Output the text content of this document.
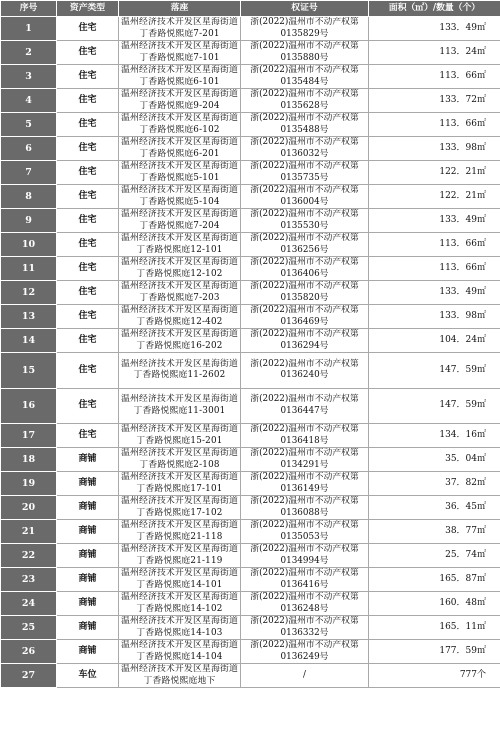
序号	资产类型	落座	权证号	面积（㎡）/数量（个）
1	住宅	温州经济技术开发区星海街道丁香路悦熙庭7-201	浙(2022)温州市不动产权第0135829号	133．49㎡
2	住宅	温州经济技术开发区星海街道丁香路悦熙庭7-101	浙(2022)温州市不动产权第0135880号	113．24㎡
3	住宅	温州经济技术开发区星海街道丁香路悦熙庭6-101	浙(2022)温州市不动产权第0135484号	113．66㎡
4	住宅	温州经济技术开发区星海街道丁香路悦熙庭9-204	浙(2022)温州市不动产权第0135628号	133．72㎡
5	住宅	温州经济技术开发区星海街道丁香路悦熙庭6-102	浙(2022)温州市不动产权第0135488号	113．66㎡
6	住宅	温州经济技术开发区星海街道丁香路悦熙庭6-201	浙(2022)温州市不动产权第0136032号	133．98㎡
7	住宅	温州经济技术开发区星海街道丁香路悦熙庭5-101	浙(2022)温州市不动产权第0135735号	122．21㎡
8	住宅	温州经济技术开发区星海街道丁香路悦熙庭5-104	浙(2022)温州市不动产权第0136004号	122．21㎡
9	住宅	温州经济技术开发区星海街道丁香路悦熙庭7-204	浙(2022)温州市不动产权第0135530号	133．49㎡
10	住宅	温州经济技术开发区星海街道丁香路悦熙庭12-101	浙(2022)温州市不动产权第0136256号	113．66㎡
11	住宅	温州经济技术开发区星海街道丁香路悦熙庭12-102	浙(2022)温州市不动产权第0136406号	113．66㎡
12	住宅	温州经济技术开发区星海街道丁香路悦熙庭7-203	浙(2022)温州市不动产权第0135820号	133．49㎡
13	住宅	温州经济技术开发区星海街道丁香路悦熙庭12-402	浙(2022)温州市不动产权第0136469号	133．98㎡
14	住宅	温州经济技术开发区星海街道丁香路悦熙庭16-202	浙(2022)温州市不动产权第0136294号	104．24㎡
15	住宅	温州经济技术开发区星海街道丁香路悦熙庭11-2602	浙(2022)温州市不动产权第0136240号	147．59㎡
16	住宅	温州经济技术开发区星海街道丁香路悦熙庭11-3001	浙(2022)温州市不动产权第0136447号	147．59㎡
17	住宅	温州经济技术开发区星海街道丁香路悦熙庭15-201	浙(2022)温州市不动产权第0136418号	134．16㎡
18	商铺	温州经济技术开发区星海街道丁香路悦熙庭2-108	浙(2022)温州市不动产权第0134291号	35．04㎡
19	商铺	温州经济技术开发区星海街道丁香路悦熙庭17-101	浙(2022)温州市不动产权第0136149号	37．82㎡
20	商铺	温州经济技术开发区星海街道丁香路悦熙庭17-102	浙(2022)温州市不动产权第0136088号	36．45㎡
21	商铺	温州经济技术开发区星海街道丁香路悦熙庭21-118	浙(2022)温州市不动产权第0135053号	38．77㎡
22	商铺	温州经济技术开发区星海街道丁香路悦熙庭21-119	浙(2022)温州市不动产权第0134994号	25．74㎡
23	商铺	温州经济技术开发区星海街道丁香路悦熙庭14-101	浙(2022)温州市不动产权第0136416号	165．87㎡
24	商铺	温州经济技术开发区星海街道丁香路悦熙庭14-102	浙(2022)温州市不动产权第0136248号	160．48㎡
25	商铺	温州经济技术开发区星海街道丁香路悦熙庭14-103	浙(2022)温州市不动产权第0136332号	165．11㎡
26	商铺	温州经济技术开发区星海街道丁香路悦熙庭14-104	浙(2022)温州市不动产权第0136249号	177．59㎡
27	车位	温州经济技术开发区星海街道丁香路悦熙庭地下	/	777个
